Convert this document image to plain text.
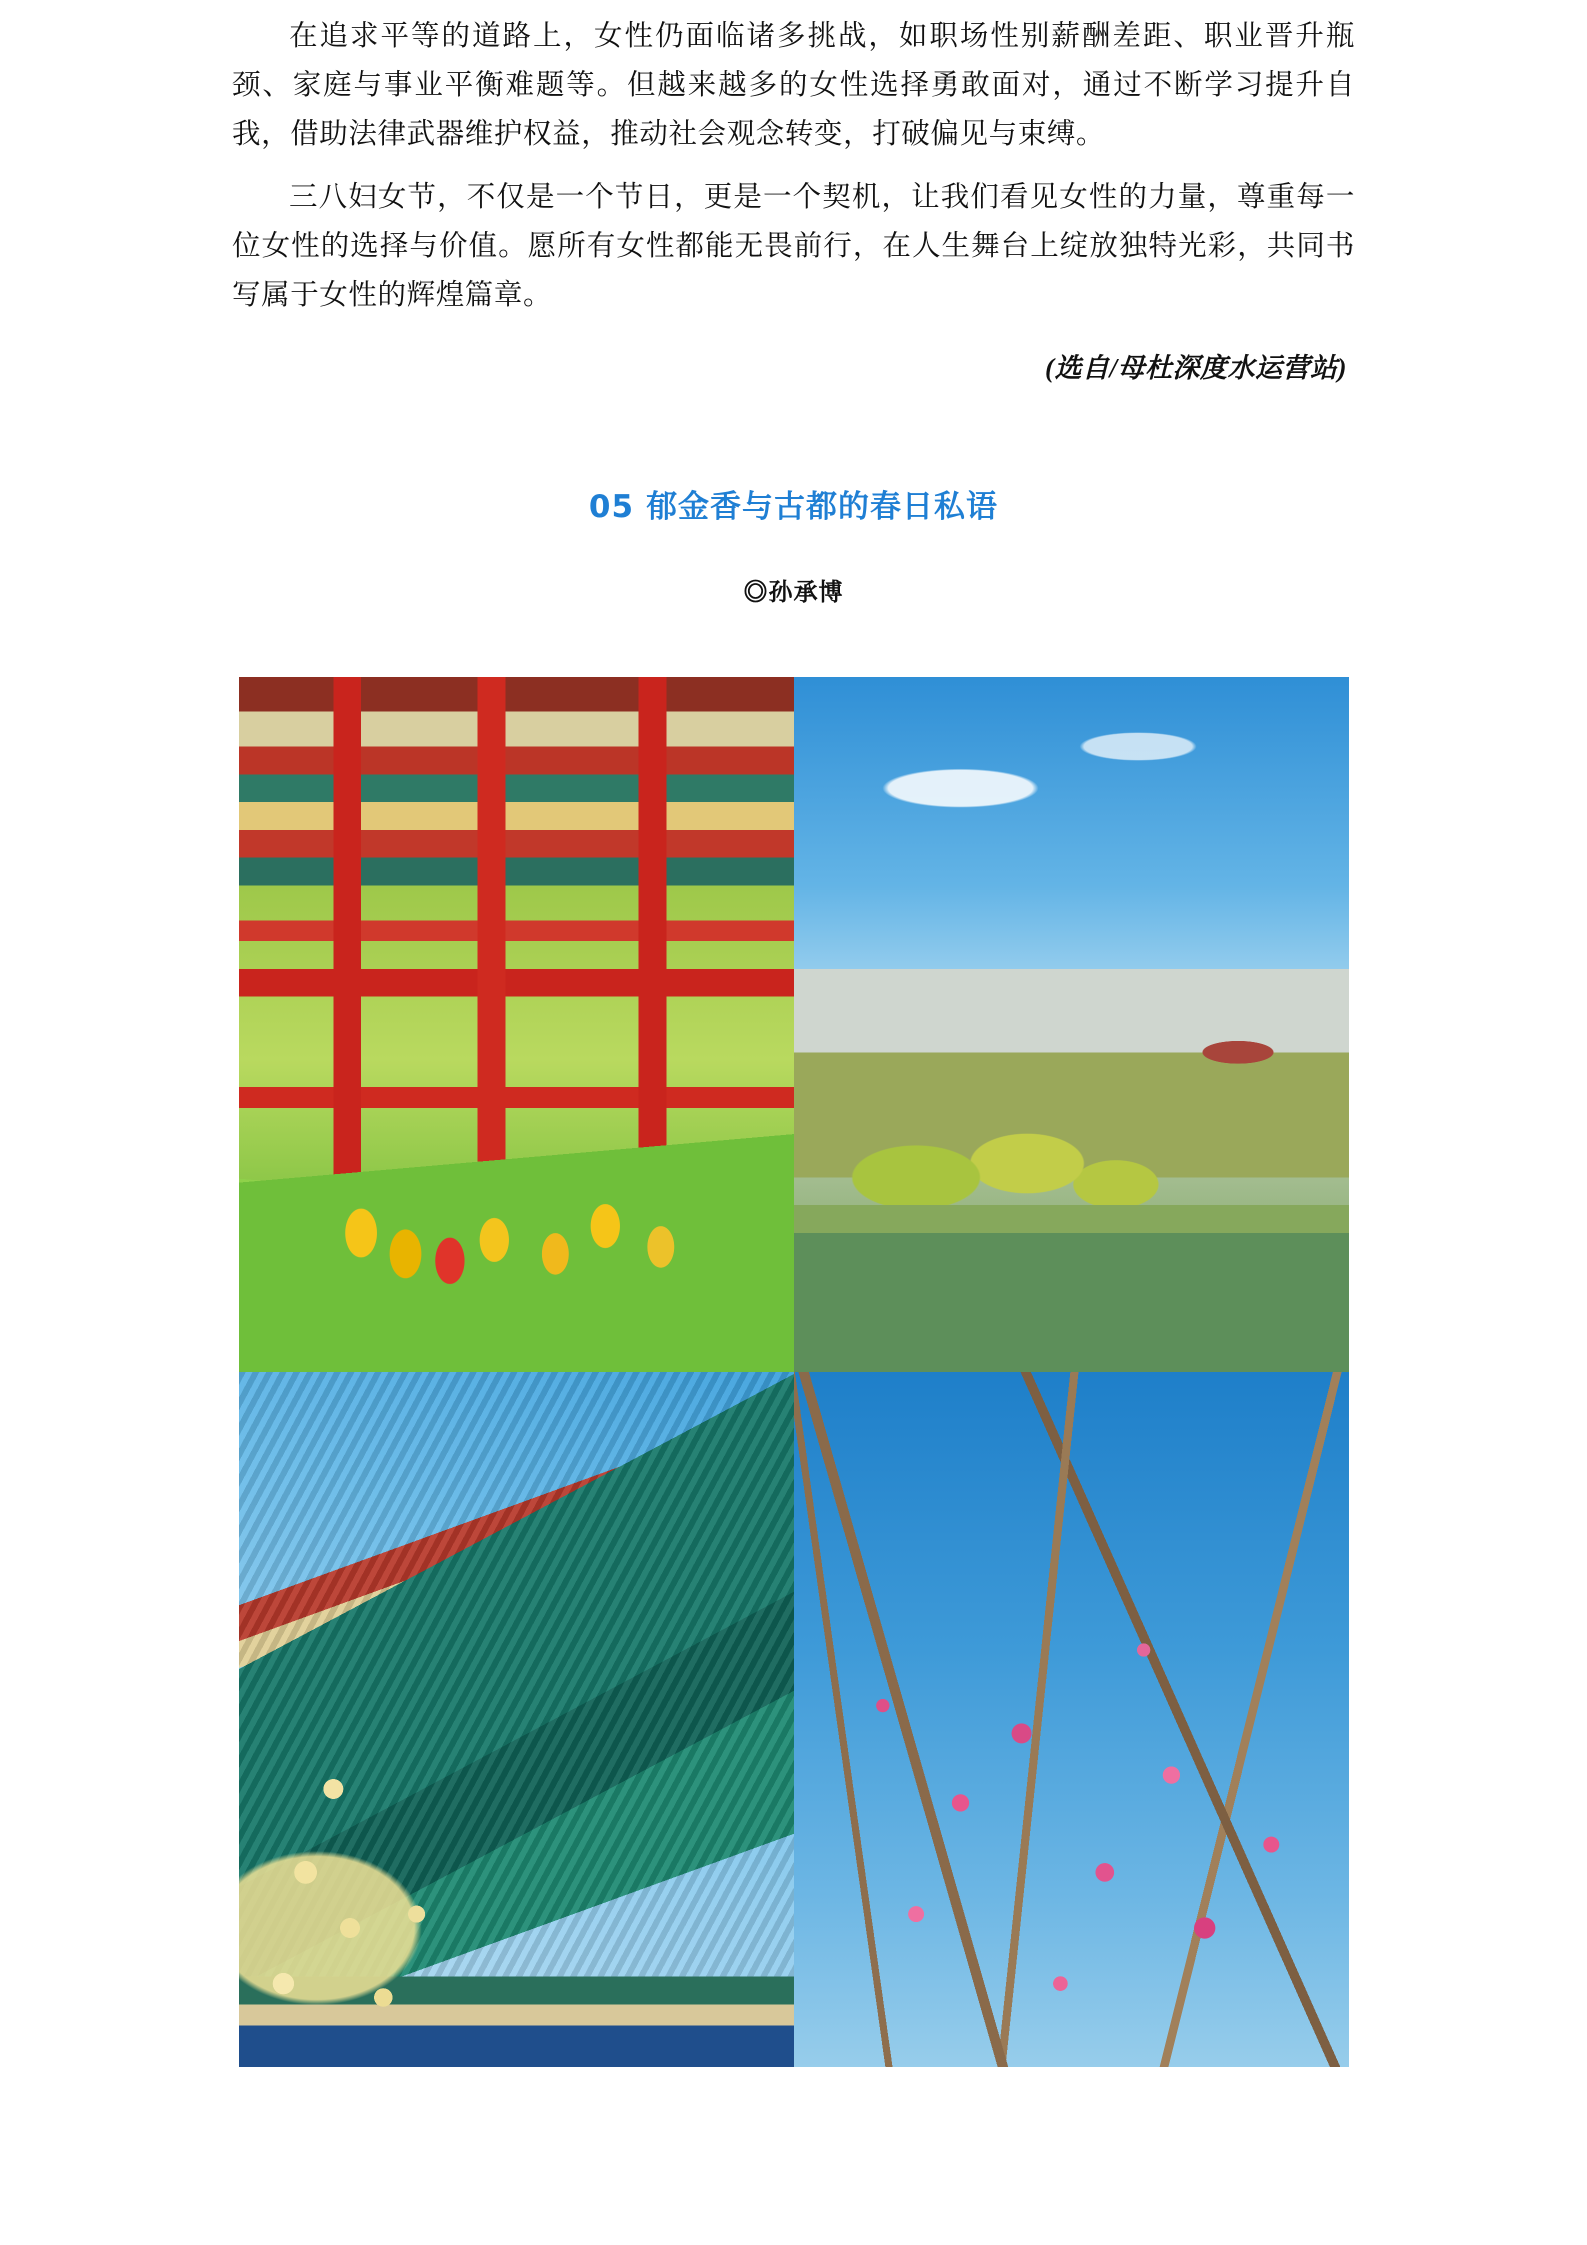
在追求平等的道路上，女性仍面临诸多挑战，如职场性别薪酬差距、职业晋升瓶颈、家庭与事业平衡难题等。但越来越多的女性选择勇敢面对，通过不断学习提升自我，借助法律武器维护权益，推动社会观念转变，打破偏见与束缚。

三八妇女节，不仅是一个节日，更是一个契机，让我们看见女性的力量，尊重每一位女性的选择与价值。愿所有女性都能无畏前行，在人生舞台上绽放独特光彩，共同书写属于女性的辉煌篇章。

(选自/母杜深度水运营站)

05 郁金香与古都的春日私语

◎孙承博
